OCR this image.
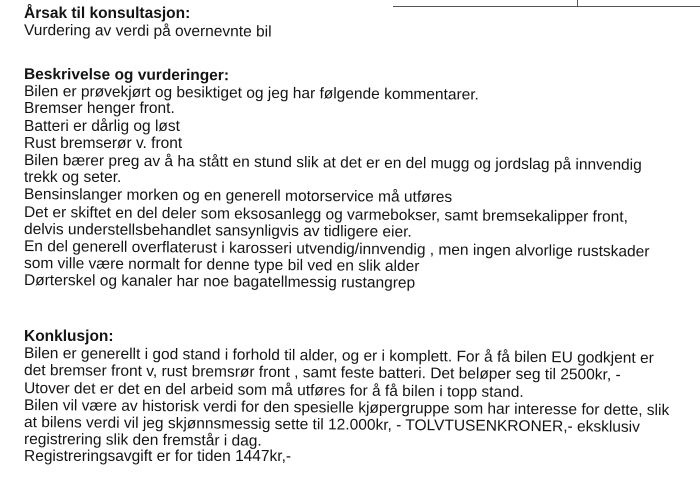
Årsak til konsultasjon:
Vurdering av verdi på overnevnte bil
Beskrivelse og vurderinger:
Bilen er prøvekjørt og besiktiget og jeg har følgende kommentarer.
Bremser henger front.
Batteri er dårlig og løst
Rust bremserør v. front
Bilen bærer preg av å ha stått en stund slik at det er en del mugg og jordslag på innvendig
trekk og seter.
Bensinslanger morken og en generell motorservice må utføres
Det er skiftet en del deler som eksosanlegg og varmebokser, samt bremsekalipper front,
delvis understellsbehandlet sansynligvis av tidligere eier.
En del generell overflaterust i karosseri utvendig/innvendig , men ingen alvorlige rustskader
som ville være normalt for denne type bil ved en slik alder
Dørterskel og kanaler har noe bagatellmessig rustangrep
Konklusjon:
Bilen er generellt i god stand i forhold til alder, og er i komplett. For å få bilen EU godkjent er
det bremser front v, rust bremsrør front , samt feste batteri. Det beløper seg til 2500kr, -
Utover det er det en del arbeid som må utføres for å få bilen i topp stand.
Bilen vil være av historisk verdi for den spesielle kjøpergruppe som har interesse for dette, slik
at bilens verdi vil jeg skjønnsmessig sette til 12.000kr, - TOLVTUSENKRONER,- eksklusiv
registrering slik den fremstår i dag.
Registreringsavgift er for tiden 1447kr,-
